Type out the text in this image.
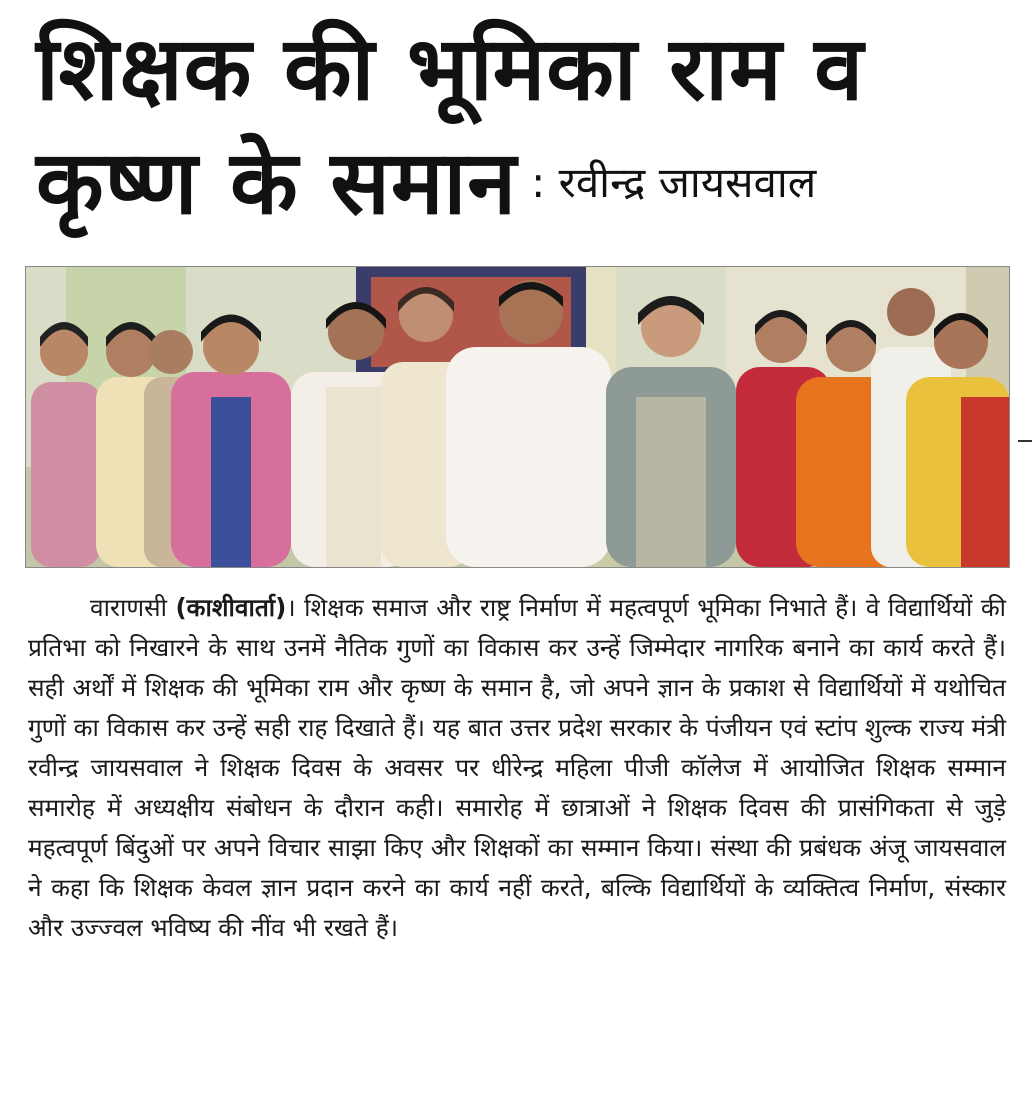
शिक्षक की भूमिका राम व
कृष्ण के समान : रवीन्द्र जायसवाल
वाराणसी (काशीवार्ता)। शिक्षक समाज और राष्ट्र निर्माण में महत्वपूर्ण भूमिका निभाते हैं। वे विद्यार्थियों की प्रतिभा को निखारने के साथ उनमें नैतिक गुणों का विकास कर उन्हें जिम्मेदार नागरिक बनाने का कार्य करते हैं। सही अर्थों में शिक्षक की भूमिका राम और कृष्ण के समान है, जो अपने ज्ञान के प्रकाश से विद्यार्थियों में यथोचित गुणों का विकास कर उन्हें सही राह दिखाते हैं। यह बात उत्तर प्रदेश सरकार के पंजीयन एवं स्टांप शुल्क राज्य मंत्री रवीन्द्र जायसवाल ने शिक्षक दिवस के अवसर पर धीरेन्द्र महिला पीजी कॉलेज में आयोजित शिक्षक सम्मान समारोह में अध्यक्षीय संबोधन के दौरान कही। समारोह में छात्राओं ने शिक्षक दिवस की प्रासंगिकता से जुड़े महत्वपूर्ण बिंदुओं पर अपने विचार साझा किए और शिक्षकों का सम्मान किया। संस्था की प्रबंधक अंजू जायसवाल ने कहा कि शिक्षक केवल ज्ञान प्रदान करने का कार्य नहीं करते, बल्कि विद्यार्थियों के व्यक्तित्व निर्माण, संस्कार और उज्ज्वल भविष्य की नींव भी रखते हैं।
